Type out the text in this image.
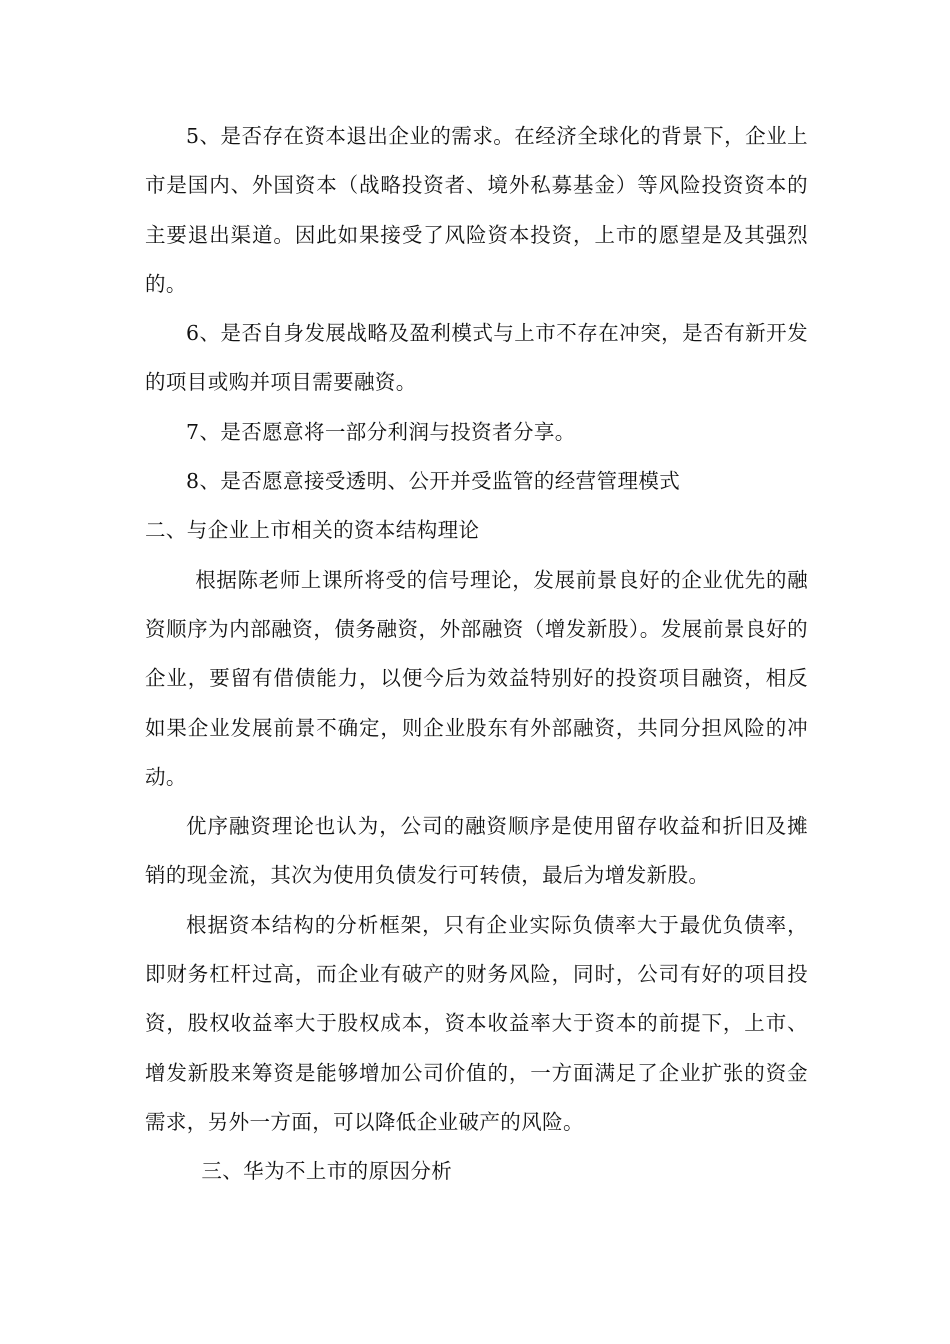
5、是否存在资本退出企业的需求。在经济全球化的背景下，企业上市是国内、外国资本（战略投资者、境外私募基金）等风险投资资本的主要退出渠道。因此如果接受了风险资本投资，上市的愿望是及其强烈的。

6、是否自身发展战略及盈利模式与上市不存在冲突，是否有新开发的项目或购并项目需要融资。

7、是否愿意将一部分利润与投资者分享。

8、是否愿意接受透明、公开并受监管的经营管理模式

二、与企业上市相关的资本结构理论

根据陈老师上课所将受的信号理论，发展前景良好的企业优先的融资顺序为内部融资，债务融资，外部融资（增发新股）。发展前景良好的企业，要留有借债能力，以便今后为效益特别好的投资项目融资，相反如果企业发展前景不确定，则企业股东有外部融资，共同分担风险的冲动。

优序融资理论也认为，公司的融资顺序是使用留存收益和折旧及摊销的现金流，其次为使用负债发行可转债，最后为增发新股。

根据资本结构的分析框架，只有企业实际负债率大于最优负债率，即财务杠杆过高，而企业有破产的财务风险，同时，公司有好的项目投资，股权收益率大于股权成本，资本收益率大于资本的前提下，上市、增发新股来筹资是能够增加公司价值的，一方面满足了企业扩张的资金需求，另外一方面，可以降低企业破产的风险。

三、华为不上市的原因分析
